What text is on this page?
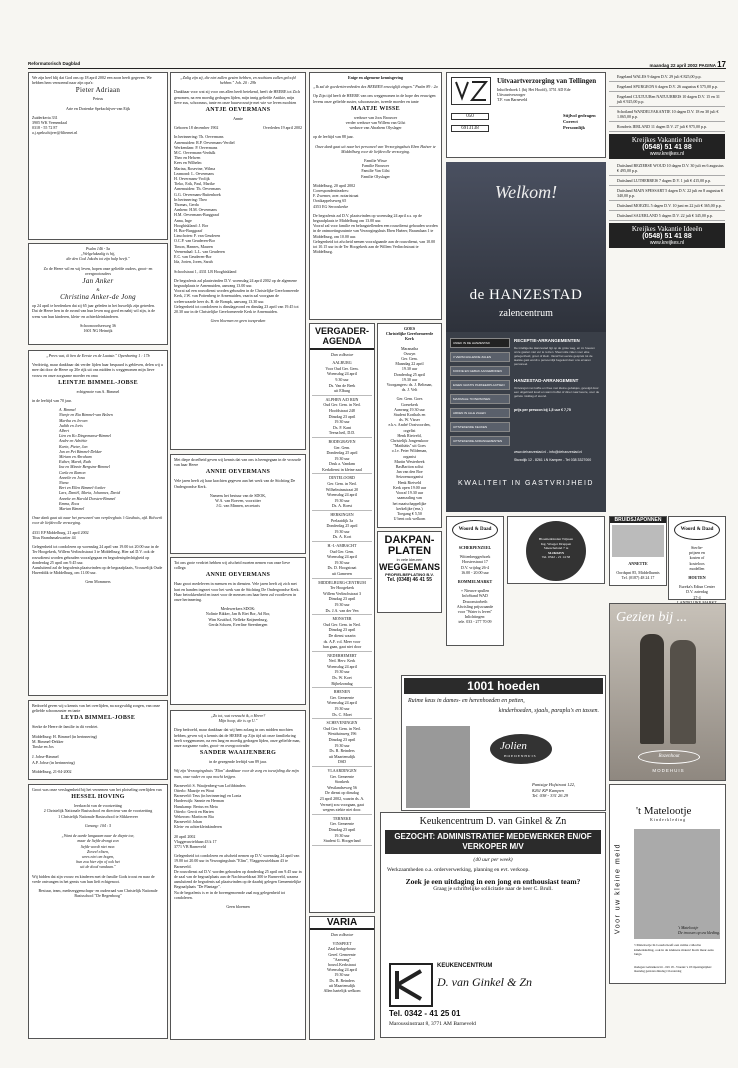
Reformatorisch Dagblad	maandag 22 april 2002 PAGINA 17
We zijn heel blij dat God ons op 18 april 2002 een zoon heeft gegeven. We hebben hem vernoemd naar zijn opa's:
Pieter Adriaan
Petrus
Arie en Dorienke Spekschijver-van Eijk
Zuiderkeria 331
3905 WK Veenendaal
0318 - 55 72 87
a.j.spekschijver@filternet.nl
Psalm 146 - 5a
„Welgelukzalig is hij,
die den God Jakobs tot zijn hulp heeft."
Zo de Heere wil en wij leven, hopen onze geliefde ouders, groot- en overgrootouders
Jan Anker
&
Christina Anker-de Jong
op 24 april te herdenken dat zij 65 jaar geleden in het huwelijk zijn getreden.
Dat de Heere hen in de avond van hun leven nog goed en nabij wil zijn, is de wens van hun kinderen, klein- en achterkleinkinderen.
Schoonoordsesweg 36
1601 NG Heinrijk
„Prees wat, ik ben de Eerste en de Laatste." Openbaring 1 : 17b
Verdrietig, maar dankbaar dat verder lijden haar bespaard is gebleven, delen wij u mee dat door de Heere op 20e rijk uit ons midden is weggenomen mijn lieve vrouw en onze zorgzame moeder en oma
LEINTJE BIMMEL-JOBSE
echtgenote van A. Bimmel
in de leeftijd van 70 jaar.
A. Bimmel
Nienje en Ria Bimmel-van Belzen
Martha en Jeroen
Judith en Joris
Albert
Lien en Ko Dingemanse-Bimmel
Andre en Adriëtte
Karin, Pieter, Jan
Jan en Pei Bimmel-Dekker
Miriam en Abraham
Esther, Marek, Ruth
Ina en Minnie Bergstra-Bimmel
Carla en Ramon
Annelie en Jona
Niena
Bert en Ellen Bimmel-Jonker
Lars, Daniël, Maria, Johannes, David
Anneke en Harold Dorsten-Bimmel
Emma, Roos
Marian Bimmel
Onze dank gaat uit naar het personeel van verpleeghuis 't Gasthuis, afd. Bolwerk voor de liefdevolle verzorging.
4331 EP Middelburg, 21 april 2002
Titus Brandsmakwartier 44
Gelegenheid tot condoleren op woensdag 24 april van 19.00 tot 20.00 uur in de Ter Hoogekerk, Willem Verlinchstraat 3 te Middelburg. Hier zal D.V. ook de rouwdienst worden gehouden voorafgegaan en begrafenisplechtigheid op donderdag 25 april om 9.45 uur.
Aansluitend zal de begrafenis plaatsvinden op de begraafplaats, Vrouwelijk Oude Havenblik te Middelburg, om 11.00 uur.
Gem Mommers
Bedroefd geven wij u kennis van het overlijden, na zorgvuldig zorgen, van onze geliefde schoonzuster en tante
LEYDA BIMMEL-JOBSE
Sterke de Heere de familie in dit verdriet.
Middelburg: H. Bimmel (in herinnering)
M. Bimmel-Dekker
Tinske en Jos

J. Jobse-Bimmel
A.P. Jobse (in herinnering)
Middelburg, 21-04-2002
Groot was onze verslagenheid bij het vernemen van het plotseling overlijden van
HESSEL HOVING
leerkracht van de voortzetting
2 Christelijk Nationale Basisschool en directeur van de voortzetting
1 Christelijk Nationale Basisschool te Slikkerveer
Genang: 104 : 5

„Want de aarde langzaam naar de diepte toe,
maar de liefde drongt zon
liefde wordt niet moe.
Zoveel elisen,
wees niet om bogen,
hun zou hier zijn of ook het
uit de dood vandaan."
Wij bidden dat zijn vrouw en kinderen met de familie Gods troost en naar de vrede ontvangen in het gemis van hun lieft echtgenoot.
Bestuur, team, medezeggenschaps- en ouderraad van Christelijk Nationale Basisschool "De Regenboog"
„Zalig zijn zij, die niet zullen gezien hebben, en nochtans zullen geloofd hebben." Joh. 20 : 29b
Dankbaar voor wat zij voor ons allen heeft betekend, heeft de HEERE tot Zich genomen, na een moedig gedragen lijden, mijn innig geliefde Antikie, mijn lieve zus, schoonzus, tante en onze buurvrouwtje met wie we leven mochten
ANTJE OEVERMANS
Annie
Geboren 18 december 1902	Overleden 19 april 2002
In herinnering: Th. Oevermans
Arnemuiden: R.P. Oevermans-Verdiel
Werkendam: P. Oevermans
M.C. Oevermans-Verdulk
Theo en Helwen
Kees en Wilhelm
Marina, Rosevine, Wilma
Leamond: L. Oevermans
H. Oevermans-Vrolijk
Tieko, Erik, Paul, Marike
Arnemuiden: Th. Oevermans
G.G. Oevermans-Buitenhoek
In herinnering: Theo
Thomas, Gerda
Arnhem: H.M. Oevermans
H.M. Oevermans-Burggraaf
Anna, Inge
Hooghiskland: J. Bor
H. Bor-Burggraaf
Linschoten: F. van Geuderen
O.C.P. van Geuderen-Bor
Timon, Hannes, Maaren
Veenendaal: L.L. van Geuderen
E.C. van Geuderen-Bor
Ida, Jorien, Joren, Sarah
Schoolstraat 1, 4331 LB Hooghiskland
De begrafenis zal plaatsvinden D.V. woensdag 24 april 2002 op de algemene begraafplaats te Arnemuiden, aanvang 13.00 uur.
Voorai zal een rouwdienst worden gehouden in de Christelijke Gereformeerde Kerk, J.W. van Pottenberg te Arnemuiden, vaarin zal voorgaan de weleerwaarde heer ds. B. de Bompk, aanvang 13.30 uur.
Gelegenheid tot condoleren is dinsdagavond en dinsdag 23 april van 19.45 tot 20.30 uur in de Christelijke Gereformeerde Kerk te Arnemuiden.
Geen bloemen en geen toespraken
Met diepe droefheid geven wij kennis dat van ons is heengegaan in de vrouwde van haar Heere
ANNIE OEVERMANS
Vele jaren heeft zij haar krachten gegeven aan het werk van de Stichting De Ondergrondse Kerk.
Namens het bestuur van de SDOK,
W.A. van Boeven, voorzitter
J.G. van Minnen, secretaris
Tot ons grote verdriet hebben wij afscheid moeten nemen van onze lieve collega
ANNIE OEVERMANS
Haar groot medeleven in mensen en in diensten. Vele jaren heeft zij zich met hart en handen ingezet voor het werk van de Stichting De Ondergrondse Kerk. Haar betrokkenheid en inzet voor de mensen om haar heen zal voortleven in onze herinnering.
Medewerkers SDOK:
Nolinie Bikker, Jan & Riet Bor, Ad Bor,
Wim Kruithof, Nelleke Knijnenburg,
Gerda Schoen, Everline Steenbergen
„Zo tot, wat verzacht ik, o Heere?
Mijn hoop, die is op U."
Diep bedroefd, maar dankbaar dat wij hem zolang in ons midden mochten hebben, geven wij u kennis dat de HEERE op Zijn tijd uit onze familiekring heeft weggenomen, na een lang en moedig gedragen lijden, onze geliefde man, onze zorgzame vader, groot- en overgrootvader
SANDER WAAIJENBERG
in de gezegende leeftijd van 89 jaar.
Wij zijn Verzorgingshuis "Elim" dankbaar voor de zorg en toewijding die mijn man, onze vader en opa mocht krijgen.
Barneveld: S. Waaijenberg-van Lofthbinders
Otterlo: Maartje en Wout
Barneveld: Teus (in herinnering) en Lonia
Harderwijk: Sannie en Herman
Hanskamp: Bertus en Meta
Otterlo: Gerrit en Harten
Wekerom: Martin en Ria
Barneveld: Johan
Klein- en achterkleinkinderen
20 april 2002
Vlaggeruwielduan 43 k 17
3771 VB Barneveld
Gelegenheid tot condoleren en afscheid nemen op D.V. woensdag 24 april van 19.00 tot 20.00 uur in Verzorgingshuis "Elim", Vlaggeruwielduan 43 te Barneveld.
De rouwdienst zal D.V. worden gehouden op donderdag 25 april om 9.45 uur in de zaal van de begraafplaats aan de Nachtsweldraat 300 te Barneveld, waarna aansluitend de begrafenis zal plaatsvinden op de daarbij gelegen Gemeentelijke Begraafplaats "De Plantage".
Na de begrafenis is er in de bovengenoemde zaal nog gelegenheid tot condoleren.
Geen bloemen
Enige en algemene kennisgeving
„Ik zal de goedertierenheden des HEEREN eeuwiglijk zingen." Psalm 89 : 2a
Op Zijn tijd heeft de HEERE van ons weggenomen in de hope des eeuwigen levens onze geliefde zuster, schoonzuster, tweede moeder en tante
MAATJE WISSE
weduwe van Joos Brouwer
verder weduwe van Willem van Gilst
weduwe van Abrahem Olyslager
op de leeftijd van 88 jaar.
Onze dank gaat uit naar het personeel van Verzorgingshuis Eben Haëzer te Middelburg voor de liefdevolle verzorging.
Familie Wisse
Familie Brouwer
Familie Van Gilst
Familie Olyslager
Middelburg, 20 april 2002
Correspondentieadres:
F. Zwemer, acer. notaristraat
Oostkappelseweg 65
4353 EG Serooskerke
De begrafenis zal D.V. plaatsvinden op woensdag 24 april a.s. op de begraafplaats te Middelburg om 13.00 uur.
Vooraf zal voor familie en belangstellenden een rouwdienst gehouden worden in de ontmoetingsruimte van Verzorgingshuis Eben Haëzer, Braamlaan 1 te Middelburg, om 10.00 uur.
Gelegenheid tot afscheid nemen voorafgaande aan de rouwdienst, van 10.00 tot 10.15 uur in de Ter Hoogekerk aan de Willem Verlinchstraat te Middelburg.
VERGADER-AGENDA
Dan volksrtar
AALBURG
Voor Oud Ger. Gem.
Woensdag 24 april
9.30 uur
Ds. Van de Beek
uit Elburg
ALPHEN A/D RIJN
Oud Ger. Gem. in Ned.
Hoofdstraat 248
Dinsdag 23 april
19.30 uur
Ds. F. Kant
Teena heil, D.D.
BODEGRAVEN
Ger. Gem.
Donderdag 25 april
19.30 uur
Druk a. Vandam
Kerkdienst in kleine zaal
DINTELOORD
Ger. Gem. in Ned.
Wilhelminastraat 20
Woensdag 24 april
19.30 uur
Ds. A. Roest
HERKINGEN
Prelaatdijk 3a
Donderdag 25 april
19.30 uur
Ds. A. Kort
H.-I.-AMBACHT
Oud Ger. Gem.
Woensdag 24 april
19.30 uur
Ds. D. Hoogstraat
uit Gameren
MIDDELBURG-CENTRUM
Ter Hoogekerk
Willem Verlinchstraat 3
Dinsdag 23 april
19.30 uur
Ds. J.A. van der Ven
MONSTER
Oud Ger. Gem. in Ned.
Dinsdag 23 april
De dienst waarin
ds. A.F. v.d. Meer voor
hun gaan, gaat niet door
NEDERHEMERT
Ned. Herv. Kerk
Woensdag 24 april
19.30 uur
Ds. W. Koet
Bijbelzondag
RHENEN
Ger. Gemeente
Woensdag 24 april
19.30 uur
Ds. C. Moet
SCHEVENINGEN
Oud Ger. Gem. in Ned.
Westduinweg 196
Dinsdag 23 april
19.30 uur
Ds. R. Reinders
uit Maartensdijk
DSD
VLAARDINGEN
Ger. Gemeente
Sionkerk
Westlandseweg 56
De dienst op dinsdag
23 april 2002, waarin ds. A.
Vermeij zou voorgaan, gaat
wegens ziekte niet door.
TERNEKE
Ger. Gemeente
Dinsdag 23 april
19.30 uur
Student G. Hoogerland
GOES
Christelijke Gereformeerde Kerk
Maranatha
Ouwyn
Ger. Gem.
Maandag 22 april
19.30 uur
Donderdag 25 april
19.30 uur
Voorgangers: ds. J. Beltman,
ds. J. Velt
Ger. Gem. Goes
Goesekerk
Aanvang 19.30 uur
Student Korthals en
ds. W. Visser
e.k.v. André Oostvoorden,
orgelist
Henk Rietveld,
Christelijk Jongenskoor
"Matthäüs" uit Goes
o.l.v. Peter Wildeman,
organist
Martin Westerbeek
BasBariton solist
Jan van den Boe
Seizoensorganist
Henk Rietveld
Kerk open 19.00 uur
Vooraf 19.30 uur
saamzaling van
het maatschappelijke
kerkelijke (enz.)
Toegang € 5,50
U bent ook welkom
DAKPAN-
PLATEN
in vele kleuren
WEGGEMANS
PROFIELBEPLATING B.V.
Tel. (0348) 46 41 55
VARIA
Dan volksrtar
VINSPEET
Zaal kerkgebouw
Geref. Gemeente
"Aanvang"
bouwl.Kerkstraat
Woensdag 24 april
19.30 uur
Ds. B. Reinders
uit Maartensdijk
Allen hartelijk welkom
Uitvaartverzorging van Tellingen
Inhofferhoek 1 (bij Het Hoofd), 3751 AD Ede
Uitvaartverzorger
T.F. van Barneveld
050
6913138
Stijlvol gedragen
Correct
Persoonlijk
Welkom!
de HANZESTAD
zalencentrum
UNIEK IN DE HANZESTAD
3 VERSCHILLENDE ZALEN
KOFFIE EN GEBAK AANGEBODEN
EIGEN GRATIS PARKEERPLAATSEN
MAXIMALE 70 PERSONEN
ARKEN IN ALLE ZALEN
UITSTEKENDE KEUKEN
UITSTEKENDE ARRANGEMENTEN
RECEPTIE-ARRANGEMENTEN
De intelligente Hanzestad ligt op de grote weg, en zo hoeven onze gasten niet ver te reizen. Sfeervolle zalen voor elke gelegenheid, groot of klein. Vanaf het eerste gesprek tot de laatste gast wordt u persoonlijk begeleid door ons ervaren personeel.
HANZESTAD-ARRANGEMENT
Ontvangst met koffie en thee met kleine gebakjes, gevolgd door een uitgebreid koud en warm buffet of diner naar keuze, voor de gehele middag of avond.
prijs per persoon bij 1,5 uur € 7,75
www.dehanzestad.nl - info@dehanzestad.nl
Stuwdijk 12 - 8261 LN Kampen - Tel 038 3327000
KWALITEIT IN GASTVRIJHEID
Engeland WALES 9 dagen D.V. 29 juli € 825,00 p.p.
Engeland SPURGEON 6 dagen D.V. 26 augustus € 575,00 p.p.
Engeland CULTUURen NATUURREIS 10 dagen D.V. 15 en 31 juli € 925,00 p.p.
Schotland WANDELVAKANTIE 10 dagen D.V. 18 en 30 juli € 1.065,00 p.p.
Rondreis IERLAND 11 dagen D.V. 27 juli € 975,00 p.p.
Kreijkes Vakantie Ideeën
(0548) 51 41 88
www.kreijkes.nl
Duitsland BEZIERSE WOUD 10 dagen D.V. 30 juli en 6 augustus € 495,00 p.p.
Duitsland LUTHERREIS 7 dagen D.V. 1 juli € 415,00 p.p.
Duitsland MAIN SPESSART 5 dagen D.V. 22 juli en 8 augustus € 340,00 p.p.
Duitsland MOEZEL 5 dagen D.V. 10 juni en 22 juli € 365,00 p.p.
Duitsland SAUERLAND 5 dagen D.V. 22 juli € 345,00 p.p.
Kreijkes Vakantie Ideeën
(0548) 51 41 88
www.kreijkes.nl
Woord & Daad
SCHERPENZEEL
Wittenberggerhoek
Horsterstraat 17
D.V. vrijdag 26-4
16.00 - 20.00 uur
ROMMELMARKT
+ Nieuwe spullen
InfoStand WAD
Draconstorbeth
Afwisling prijswaande
voor "Water is leven"
Inlichtingen:
tele. 033 - 277 70 09
Bloemenbinden Trijssen
Ing. Woeger Druppen
Sinescheland 7 te
SLIKKEN
Tel. 0342 - 21 14 58
BRUIDSJAPONNEN
ANNETTE
Oordspnt 85, Middelharnis
Tel. (0187) 48 24 17
Woord & Daad
Sterfte-
prijzen en
kosten of
kosteloos
modellen
HOUTEN
Eureka's Ediun Center
D.V. zaterdag
27-4

Gezien bij ...
Rozenhout
MODEHUIS
1001 hoeden
Ruime keus in dames- en herenhoeden en petten,
kinderhoeden, sjaals, paraplu's en tassen.
Jolien
HOEDENHUIS
Pantsige Hofstraat 122,
8261 KP Kampen
Tel. 038 - 331 26 29
't Matelootje
Kinderkleding
Voor uw kleine meid	't Matelootje
De troosen op uw kleding.
't Matelootje In Gouda heeft een ruime collectie kinderkleding, ook in de kleinere maten! Kom maar eens langs.
Oudegen Gebruikers bit - 045 18 - Vrueder 's 18 Openingstijden: maandag gesloten dinsdag t/m zaterdag
Keukencentrum D. van Ginkel & Zn
GEZOCHT: ADMINISTRATIEF MEDEWERKER EN/OF VERKOPER M/V
(40 uur per week)
Werkzaamheden o.a. orderverwerking, planning en evt. verkoop.
Zoek je een uitdaging in een jong en enthousiast team?
Graag je schriftelijke sollicitatie naar de heer C. Brull.
KEUKENCENTRUM
D. van Ginkel & Zn
Tel. 0342 - 41 25 01
Maroussinstraat 8, 3771 AM Barneveld
